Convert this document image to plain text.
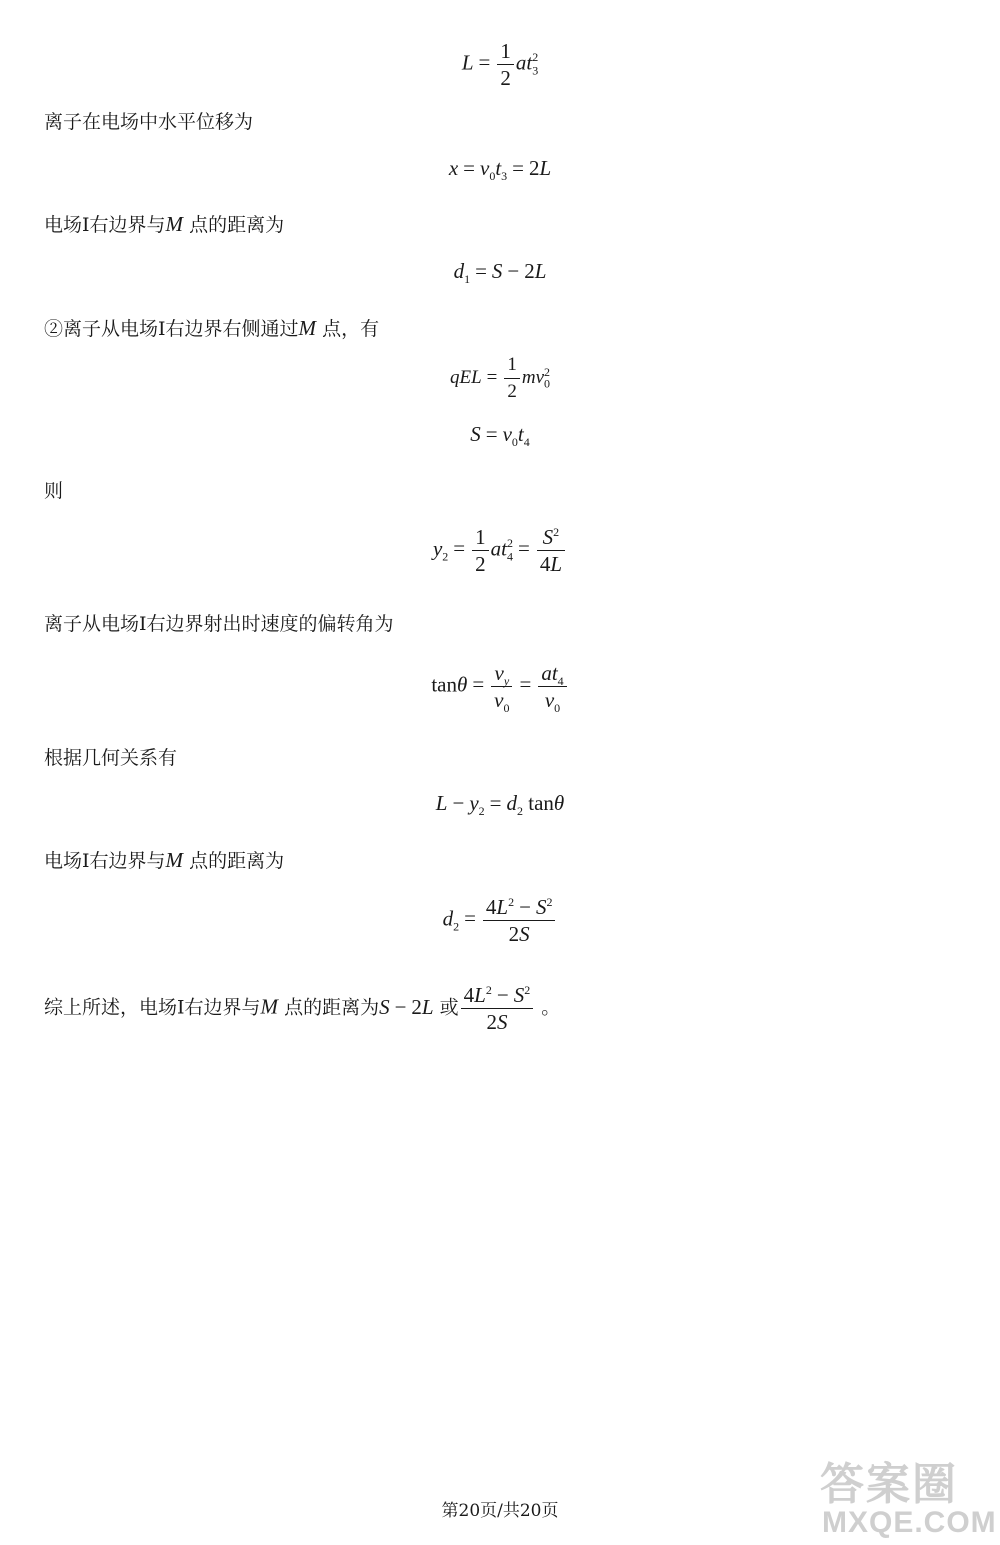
$L = \frac{1}{2} at_3^2$
离子在电场中水平位移为
$x = v_0t_3 = 2L$
电场I右边界与M 点的距离为
$d_1 = S - 2L$
②离子从电场I右边界右侧通过M 点，有
qEL = $\frac{1}{2} mv_0^2$
$S = v_0t_4$
则
$y_2 = \frac{1}{2} at_4^2 = \frac{S^2}{4L}$
离子从电场I右边界射出时速度的偏转角为
$\tan\theta = \frac{v_y}{v_0} = \frac{at_4}{v_0}$
根据几何关系有
$L - y_2 = d_2$ tanθ
电场I右边界与M 点的距离为
$d_2 = \frac{4L^2 - S^2}{2S}$
综上所述，电场I右边界与M 点的距离为S − 2L 或 $\frac{4L^2 - S^2}{2S}$ 。
第20页/共20页
答案圈
MXQE.COM
